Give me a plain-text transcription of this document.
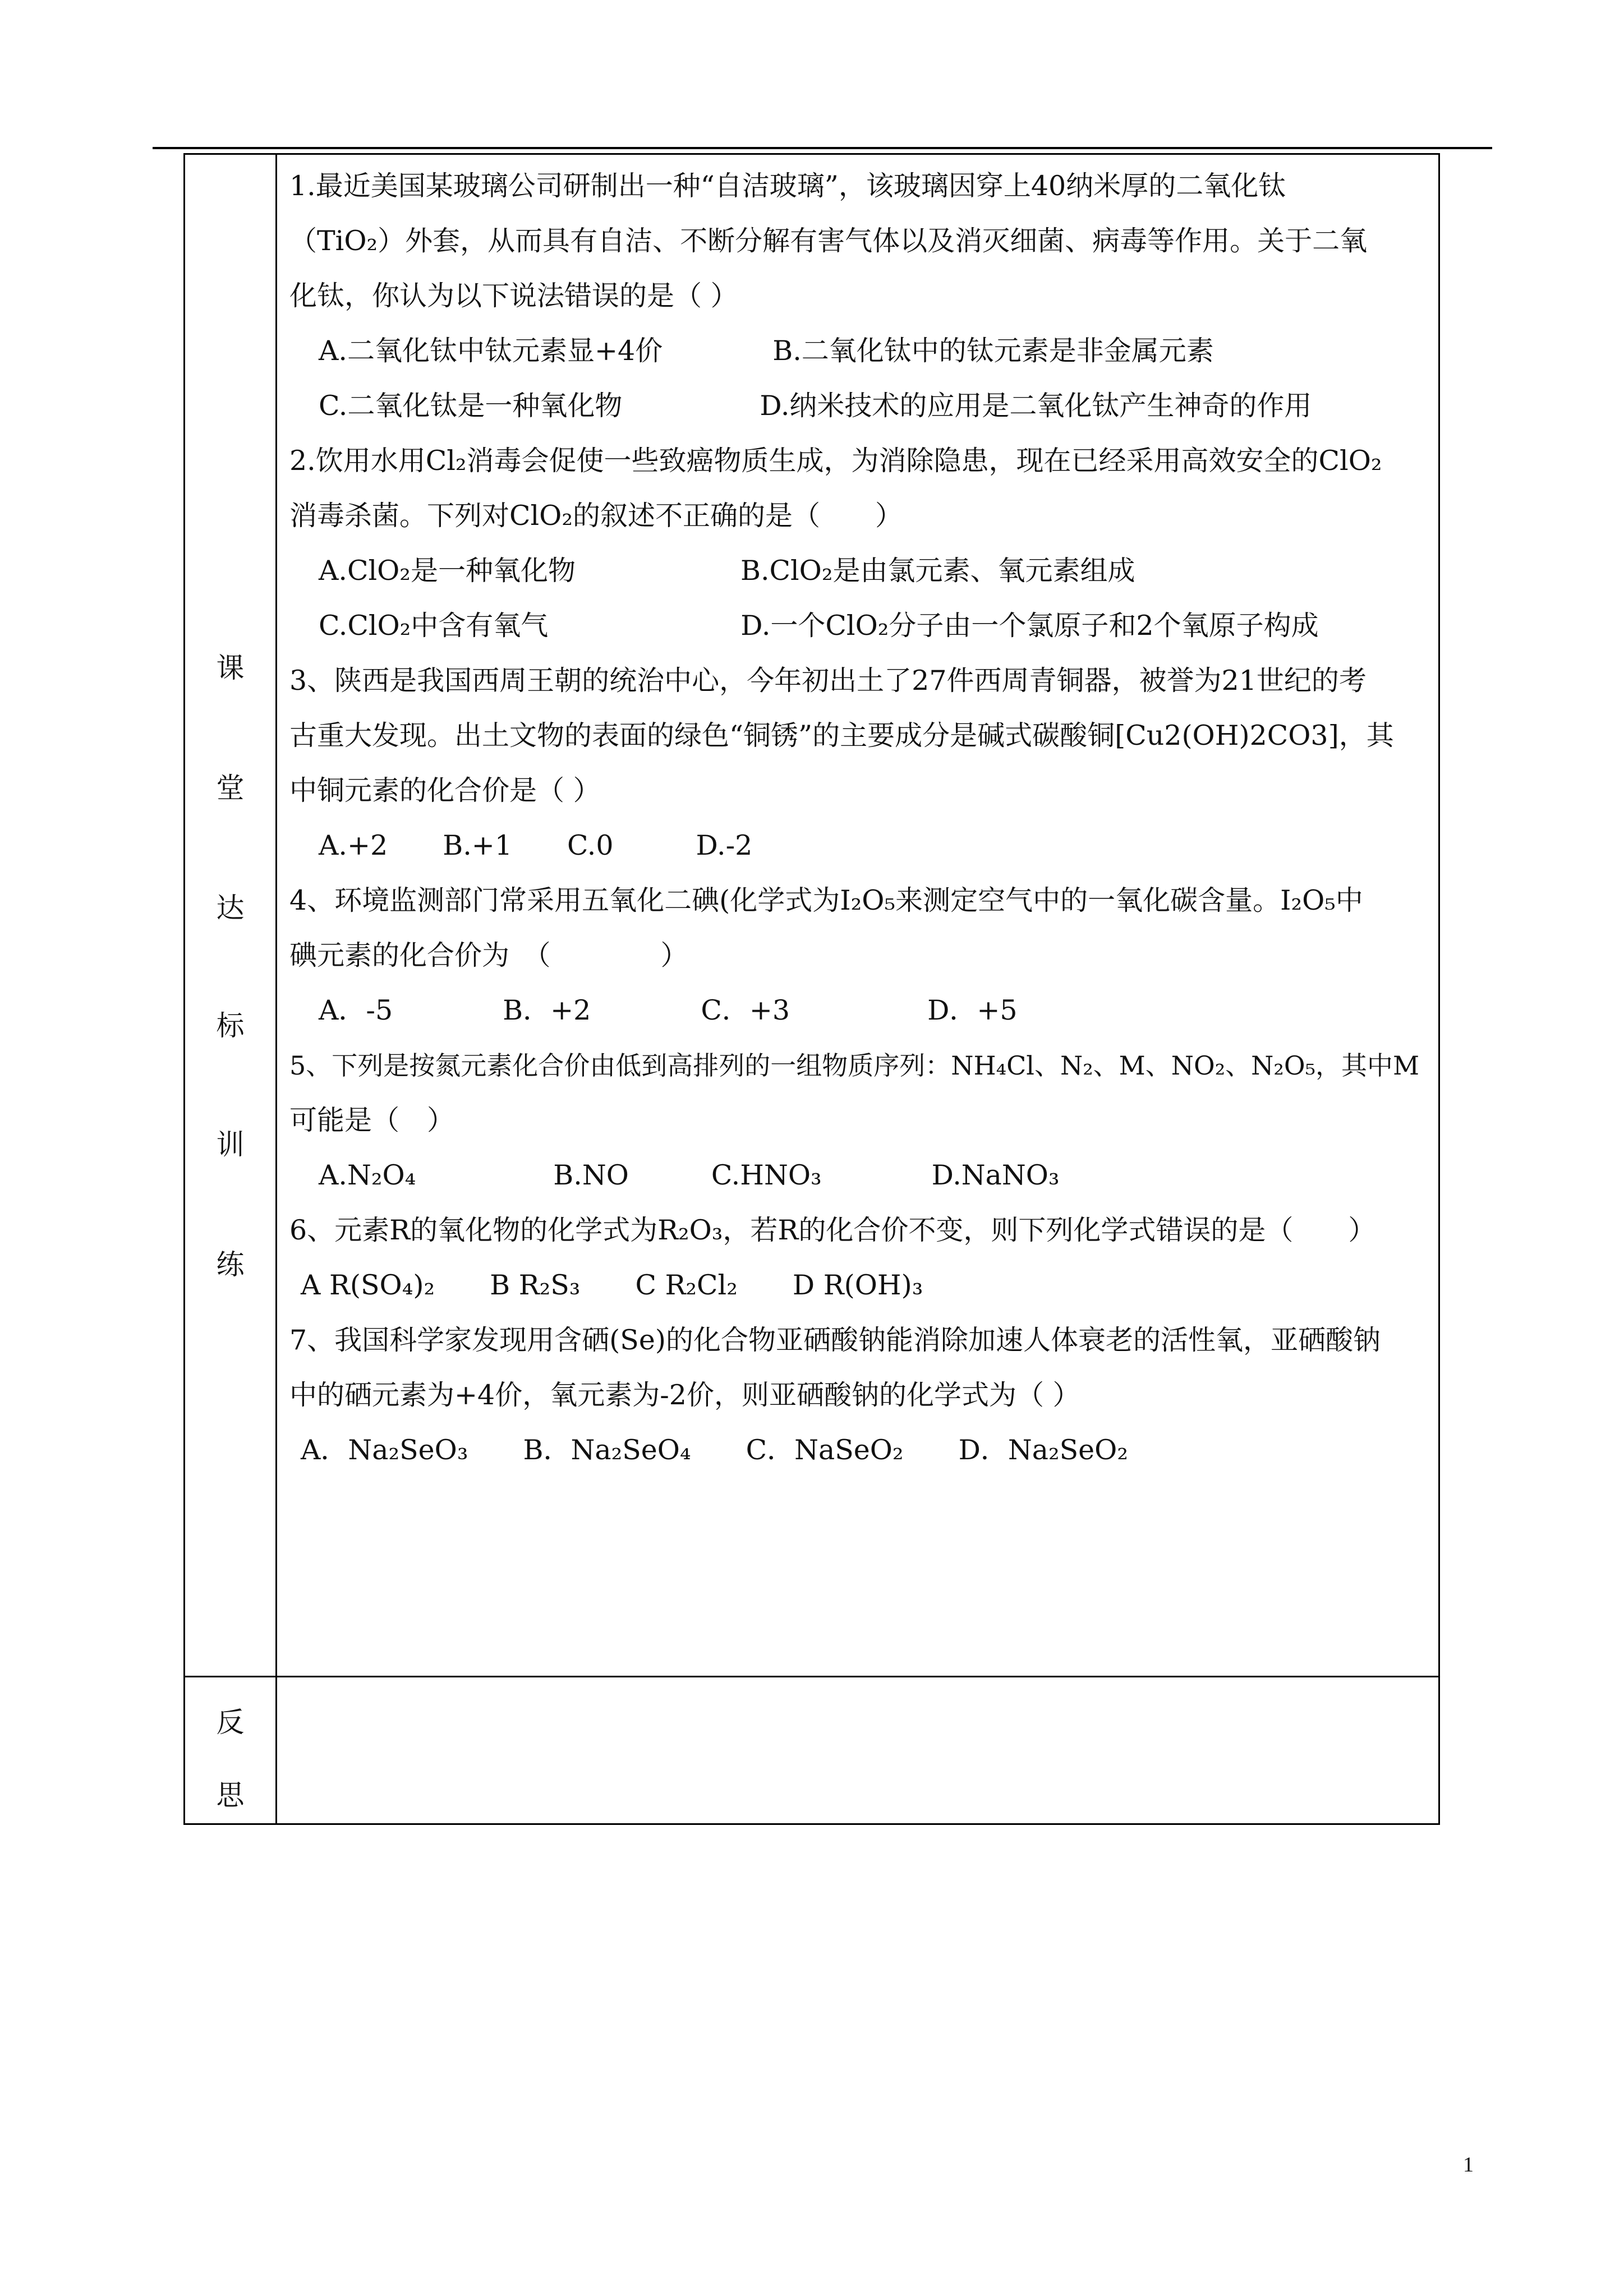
课
堂
达
标
训
练
反
思
1.最近美国某玻璃公司研制出一种“自洁玻璃”，该玻璃因穿上40纳米厚的二氧化钛
（TiO₂）外套，从而具有自洁、不断分解有害气体以及消灭细菌、病毒等作用。关于二氧
化钛，你认为以下说法错误的是（ ）
A.二氧化钛中钛元素显+4价　　　　B.二氧化钛中的钛元素是非金属元素
C.二氧化钛是一种氧化物　　　　　D.纳米技术的应用是二氧化钛产生神奇的作用
2.饮用水用Cl₂消毒会促使一些致癌物质生成，为消除隐患，现在已经采用高效安全的ClO₂
消毒杀菌。下列对ClO₂的叙述不正确的是（　　）
A.ClO₂是一种氧化物　　　　　　B.ClO₂是由氯元素、氧元素组成
C.ClO₂中含有氧气　　　　　　　D.一个ClO₂分子由一个氯原子和2个氧原子构成
3、陕西是我国西周王朝的统治中心，今年初出土了27件西周青铜器，被誉为21世纪的考
古重大发现。出土文物的表面的绿色“铜锈”的主要成分是碱式碳酸铜[Cu2(OH)2CO3]，其
中铜元素的化合价是（ ）
A.+2　　B.+1　　C.0　　　D.-2
4、环境监测部门常采用五氧化二碘(化学式为I₂O₅来测定空气中的一氧化碳含量。I₂O₅中
碘元素的化合价为　（　　　　）
A．-5　　　　B．+2　　　　C．+3　　　　　D．+5
5、下列是按氮元素化合价由低到高排列的一组物质序列：NH₄Cl、N₂、M、NO₂、N₂O₅，其中M
可能是（　）
A.N₂O₄　　　　　B.NO　　　C.HNO₃　　　　D.NaNO₃
6、元素R的氧化物的化学式为R₂O₃，若R的化合价不变，则下列化学式错误的是（　　）
A R(SO₄)₂　　B R₂S₃　　C R₂Cl₂　　D R(OH)₃
7、我国科学家发现用含硒(Se)的化合物亚硒酸钠能消除加速人体衰老的活性氧，亚硒酸钠
中的硒元素为+4价，氧元素为-2价，则亚硒酸钠的化学式为（ ）
A．Na₂SeO₃　　B．Na₂SeO₄　　C．NaSeO₂　　D．Na₂SeO₂
1
